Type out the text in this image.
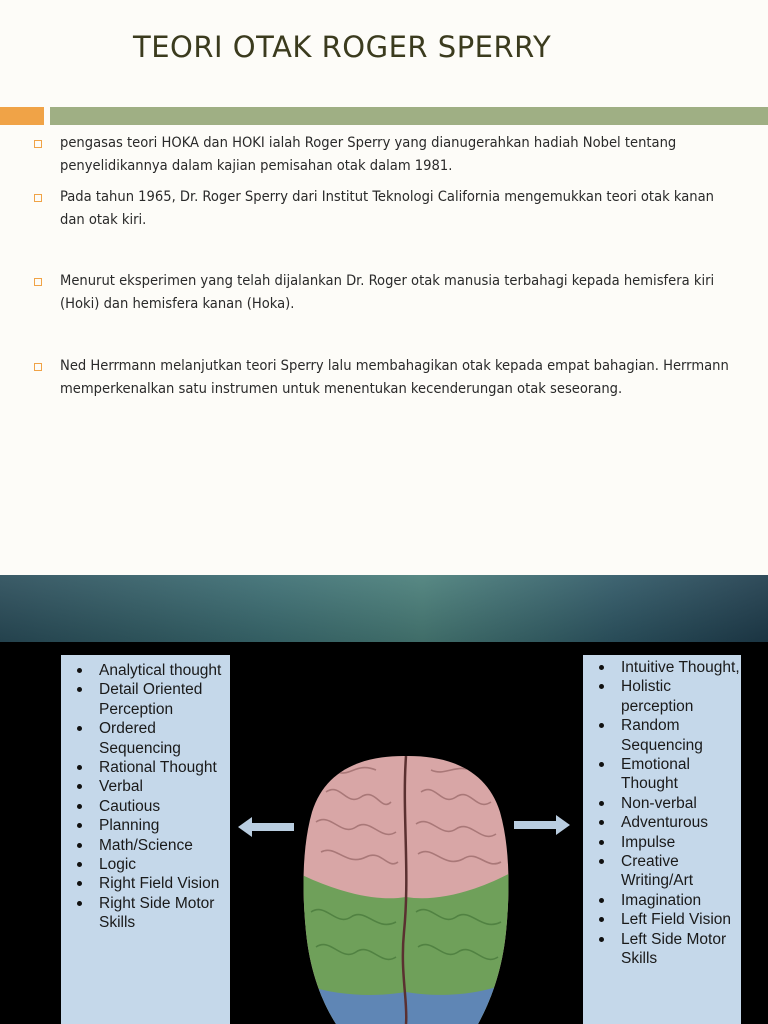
TEORI OTAK ROGER SPERRY
pengasas teori HOKA dan HOKI ialah Roger Sperry yang dianugerahkan hadiah Nobel tentang penyelidikannya dalam kajian pemisahan otak dalam 1981.
Pada tahun 1965, Dr. Roger Sperry dari Institut Teknologi California mengemukkan teori otak kanan dan otak kiri.
Menurut eksperimen yang telah dijalankan Dr. Roger otak manusia terbahagi kepada hemisfera kiri (Hoki) dan hemisfera kanan (Hoka).
Ned Herrmann melanjutkan teori Sperry lalu membahagikan otak kepada empat bahagian. Herrmann memperkenalkan satu instrumen untuk menentukan kecenderungan otak seseorang.
Analytical thought
Detail Oriented Perception
Ordered Sequencing
Rational Thought
Verbal
Cautious
Planning
Math/Science
Logic
Right Field Vision
Right Side Motor Skills
Intuitive Thought,
Holistic perception
Random Sequencing
Emotional Thought
Non-verbal
Adventurous
Impulse
Creative Writing/Art
Imagination
Left Field Vision
Left Side Motor Skills
